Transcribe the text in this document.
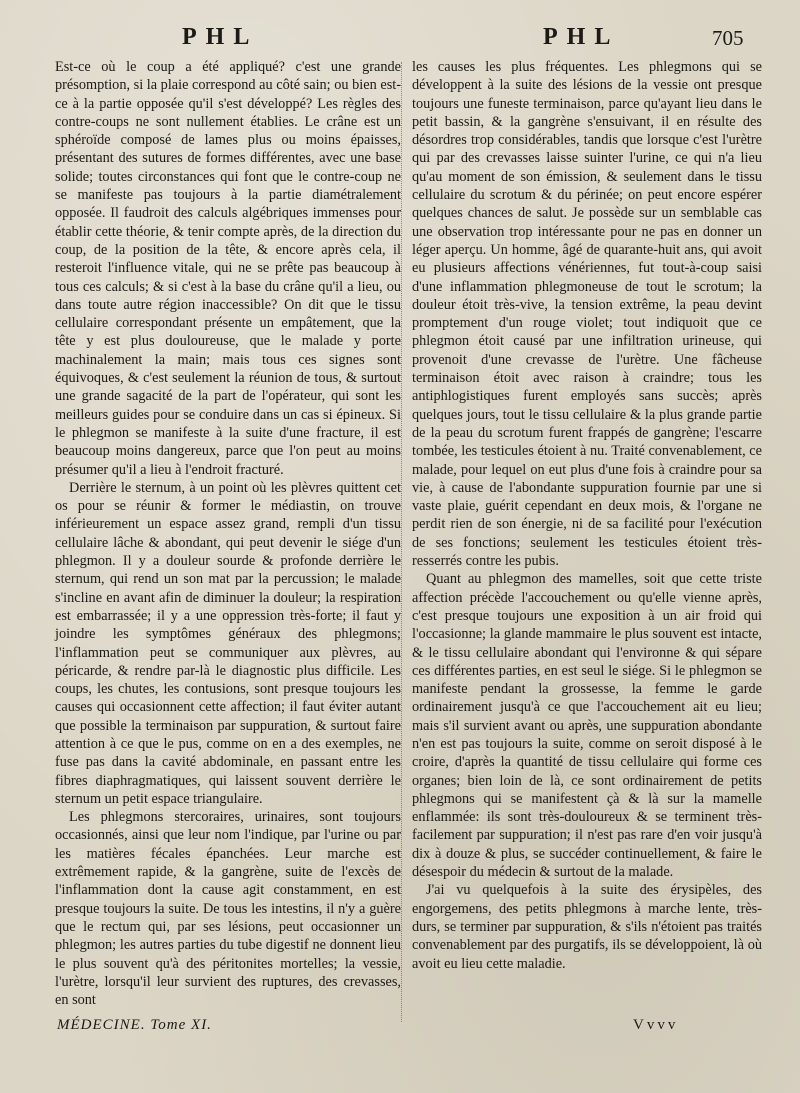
PHL	PHL	705

Est-ce où le coup a été appliqué? c'est une grande présomption, si la plaie correspond au côté sain; ou bien est-ce à la partie opposée qu'il s'est développé? Les règles des contre-coups ne sont nullement établies. Le crâne est un sphéroïde composé de lames plus ou moins épaisses, présentant des sutures de formes différentes, avec une base solide; toutes circonstances qui font que le contre-coup ne se manifeste pas toujours à la partie diamétralement opposée. Il faudroit des calculs algébriques immenses pour établir cette théorie, & tenir compte après, de la direction du coup, de la position de la tête, & encore après cela, il resteroit l'influence vitale, qui ne se prête pas beaucoup à tous ces calculs; & si c'est à la base du crâne qu'il a lieu, ou dans toute autre région inaccessible? On dit que le tissu cellulaire correspondant présente un empâtement, que la tête y est plus douloureuse, que le malade y porte machinalement la main; mais tous ces signes sont équivoques, & c'est seulement la réunion de tous, & surtout une grande sagacité de la part de l'opérateur, qui sont les meilleurs guides pour se conduire dans un cas si épineux. Si le phlegmon se manifeste à la suite d'une fracture, il est beaucoup moins dangereux, parce que l'on peut au moins présumer qu'il a lieu à l'endroit fracturé.

Derrière le sternum, à un point où les plèvres quittent cet os pour se réunir & former le médiastin, on trouve inférieurement un espace assez grand, rempli d'un tissu cellulaire lâche & abondant, qui peut devenir le siége d'un phlegmon. Il y a douleur sourde & profonde derrière le sternum, qui rend un son mat par la percussion; le malade s'incline en avant afin de diminuer la douleur; la respiration est embarrassée; il y a une oppression très-forte; il faut y joindre les symptômes généraux des phlegmons; l'inflammation peut se communiquer aux plèvres, au péricarde, & rendre par-là le diagnostic plus difficile. Les coups, les chutes, les contusions, sont presque toujours les causes qui occasionnent cette affection; il faut éviter autant que possible la terminaison par suppuration, & surtout faire attention à ce que le pus, comme on en a des exemples, ne fuse pas dans la cavité abdominale, en passant entre les fibres diaphragmatiques, qui laissent souvent derrière le sternum un petit espace triangulaire.

Les phlegmons stercoraires, urinaires, sont toujours occasionnés, ainsi que leur nom l'indique, par l'urine ou par les matières fécales épanchées. Leur marche est extrêmement rapide, & la gangrène, suite de l'excès de l'inflammation dont la cause agit constamment, en est presque toujours la suite. De tous les intestins, il n'y a guère que le rectum qui, par ses lésions, peut occasionner un phlegmon; les autres parties du tube digestif ne donnent lieu le plus souvent qu'à des péritonites mortelles; la vessie, l'urètre, lorsqu'il leur survient des ruptures, des crevasses, en sont

les causes les plus fréquentes. Les phlegmons qui se développent à la suite des lésions de la vessie ont presque toujours une funeste terminaison, parce qu'ayant lieu dans le petit bassin, & la gangrène s'ensuivant, il en résulte des désordres trop considérables, tandis que lorsque c'est l'urètre qui par des crevasses laisse suinter l'urine, ce qui n'a lieu qu'au moment de son émission, & seulement dans le tissu cellulaire du scrotum & du périnée; on peut encore espérer quelques chances de salut. Je possède sur un semblable cas une observation trop intéressante pour ne pas en donner un léger aperçu. Un homme, âgé de quarante-huit ans, qui avoit eu plusieurs affections vénériennes, fut tout-à-coup saisi d'une inflammation phlegmoneuse de tout le scrotum; la douleur étoit très-vive, la tension extrême, la peau devint promptement d'un rouge violet; tout indiquoit que ce phlegmon étoit causé par une infiltration urineuse, qui provenoit d'une crevasse de l'urètre. Une fâcheuse terminaison étoit avec raison à craindre; tous les antiphlogistiques furent employés sans succès; après quelques jours, tout le tissu cellulaire & la plus grande partie de la peau du scrotum furent frappés de gangrène; l'escarre tombée, les testicules étoient à nu. Traité convenablement, ce malade, pour lequel on eut plus d'une fois à craindre pour sa vie, à cause de l'abondante suppuration fournie par une si vaste plaie, guérit cependant en deux mois, & l'organe ne perdit rien de son énergie, ni de sa facilité pour l'exécution de ses fonctions; seulement les testicules étoient très-resserrés contre les pubis.

Quant au phlegmon des mamelles, soit que cette triste affection précède l'accouchement ou qu'elle vienne après, c'est presque toujours une exposition à un air froid qui l'occasionne; la glande mammaire le plus souvent est intacte, & le tissu cellulaire abondant qui l'environne & qui sépare ces différentes parties, en est seul le siége. Si le phlegmon se manifeste pendant la grossesse, la femme le garde ordinairement jusqu'à ce que l'accouchement ait eu lieu; mais s'il survient avant ou après, une suppuration abondante n'en est pas toujours la suite, comme on seroit disposé à le croire, d'après la quantité de tissu cellulaire qui forme ces organes; bien loin de là, ce sont ordinairement de petits phlegmons qui se manifestent çà & là sur la mamelle enflammée: ils sont très-douloureux & se terminent très-facilement par suppuration; il n'est pas rare d'en voir jusqu'à dix à douze & plus, se succéder continuellement, & faire le désespoir du médecin & surtout de la malade.

J'ai vu quelquefois à la suite des érysipèles, des engorgemens, des petits phlegmons à marche lente, très-durs, se terminer par suppuration, & s'ils n'étoient pas traités convenablement par des purgatifs, ils se développoient, là où avoit eu lieu cette maladie.

MÉDECINE. Tome XI.	Vvvv
